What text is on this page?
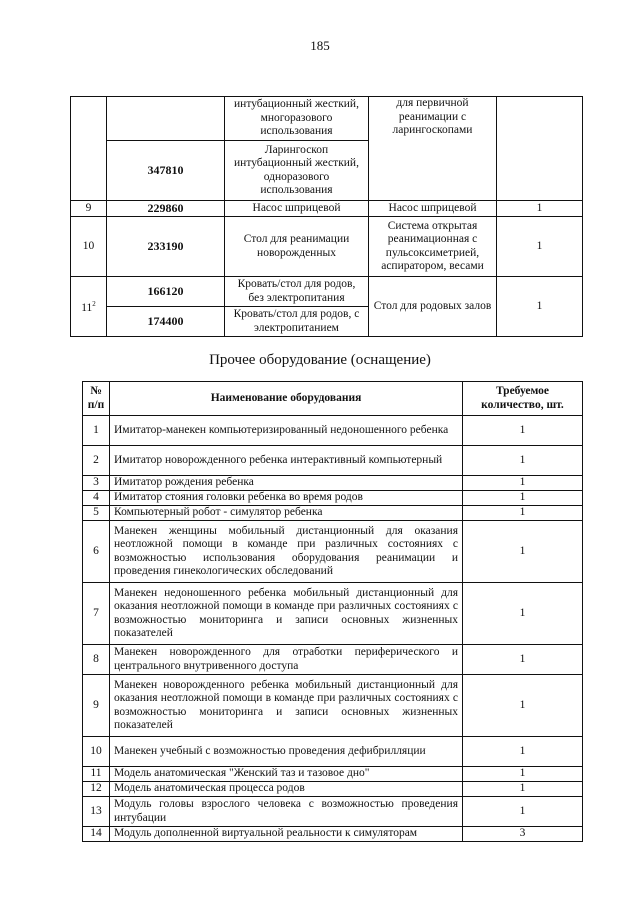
185
		интубационный жесткий, многоразового использования	для первичной реанимации с ларингоскопами	
	347810	Ларингоскоп интубационный жесткий, одноразового использования		
9	229860	Насос шприцевой	Насос шприцевой	1
10	233190	Стол для реанимации новорожденных	Система открытая реанимационная с пульсоксиметрией, аспиратором, весами	1
$11^2$	166120	Кровать/стол для родов, без электропитания	Стол для родовых залов	1
	174400	Кровать/стол для родов, с электропитанием		
Прочее оборудование (оснащение)
№ п/п	Наименование оборудования	Требуемое количество, шт.
1	Имитатор-манекен компьютеризированный недоношенного ребенка	1
2	Имитатор новорожденного ребенка интерактивный компьютерный	1
3	Имитатор рождения ребенка	1
4	Имитатор стояния головки ребенка во время родов	1
5	Компьютерный робот - симулятор ребенка	1
6	Манекен женщины мобильный дистанционный для оказания неотложной помощи в команде при различных состояниях с возможностью использования оборудования реанимации и проведения гинекологических обследований	1
7	Манекен недоношенного ребенка мобильный дистанционный для оказания неотложной помощи в команде при различных состояниях с возможностью мониторинга и записи основных жизненных показателей	1
8	Манекен новорожденного для отработки периферического и центрального внутривенного доступа	1
9	Манекен новорожденного ребенка мобильный дистанционный для оказания неотложной помощи в команде при различных состояниях с возможностью мониторинга и записи основных жизненных показателей	1
10	Манекен учебный с возможностью проведения дефибрилляции	1
11	Модель анатомическая "Женский таз и тазовое дно"	1
12	Модель анатомическая процесса родов	1
13	Модуль головы взрослого человека с возможностью проведения интубации	1
14	Модуль дополненной виртуальной реальности к симуляторам	3
